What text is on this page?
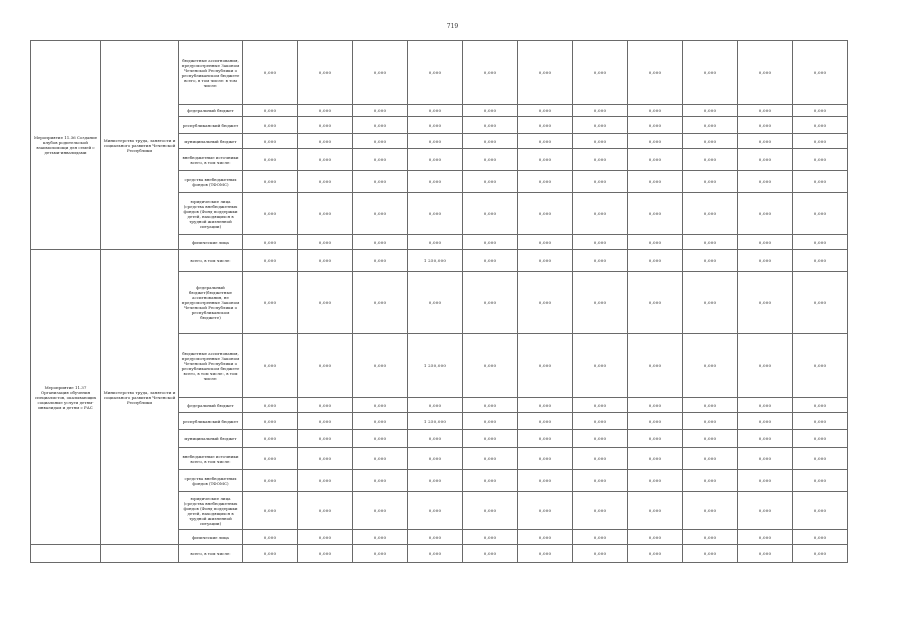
719
Мероприятие 11.36 Создание клубов родительской взаимопомощи для семей с детьми-инвалидами	Министерство труда, занятости и социального развития Чеченской Республики	бюджетные ассигнования, предусмотренные Законом Чеченской Республики о республиканском бюджете всего, в том числе: в том числе:	0,000	0,000	0,000	0,000	0,000	0,000	0,000	0,000	0,000	0,000	0,000
		федеральный бюджет	0,000	0,000	0,000	0,000	0,000	0,000	0,000	0,000	0,000	0,000	0,000
		республиканский бюджет	0,000	0,000	0,000	0,000	0,000	0,000	0,000	0,000	0,000	0,000	0,000
		муниципальный бюджет	0,000	0,000	0,000	0,000	0,000	0,000	0,000	0,000	0,000	0,000	0,000
		внебюджетные источники всего, в том числе:	0,000	0,000	0,000	0,000	0,000	0,000	0,000	0,000	0,000	0,000	0,000
		средства внебюджетных фондов (ТФОМС)	0,000	0,000	0,000	0,000	0,000	0,000	0,000	0,000	0,000	0,000	0,000
		юридические лица (средства внебюджетных фондов (Фонд поддержки детей, находящихся в трудной жизненной ситуации)	0,000	0,000	0,000	0,000	0,000	0,000	0,000	0,000	0,000	0,000	0,000
		физические лица	0,000	0,000	0,000	0,000	0,000	0,000	0,000	0,000	0,000	0,000	0,000
Мероприятие 11.37 Организация обучения специалистов, оказывающих социальные услуги детям-инвалидам и детям с РАС	Министерство труда, занятости и социального развития Чеченской Республики	всего, в том числе:	0,000	0,000	0,000	1 250,000	0,000	0,000	0,000	0,000	0,000	0,000	0,000
		федеральный бюджет(бюджетные ассигнования, не предусмотренные Законом Чеченской Республики о республиканском бюджете)	0,000	0,000	0,000	0,000	0,000	0,000	0,000	0,000	0,000	0,000	0,000
		бюджетные ассигнования, предусмотренные Законом Чеченской Республики о республиканском бюджете всего, в том числе:, в том числе:	0,000	0,000	0,000	1 250,000	0,000	0,000	0,000	0,000	0,000	0,000	0,000
		федеральный бюджет	0,000	0,000	0,000	0,000	0,000	0,000	0,000	0,000	0,000	0,000	0,000
		республиканский бюджет	0,000	0,000	0,000	1 250,000	0,000	0,000	0,000	0,000	0,000	0,000	0,000
		муниципальный бюджет	0,000	0,000	0,000	0,000	0,000	0,000	0,000	0,000	0,000	0,000	0,000
		внебюджетные источники всего, в том числе:	0,000	0,000	0,000	0,000	0,000	0,000	0,000	0,000	0,000	0,000	0,000
		средства внебюджетных фондов (ТФОМС)	0,000	0,000	0,000	0,000	0,000	0,000	0,000	0,000	0,000	0,000	0,000
		юридические лица (средства внебюджетных фондов (Фонд поддержки детей, находящихся в трудной жизненной ситуации)	0,000	0,000	0,000	0,000	0,000	0,000	0,000	0,000	0,000	0,000	0,000
		физические лица	0,000	0,000	0,000	0,000	0,000	0,000	0,000	0,000	0,000	0,000	0,000
		всего, в том числе:	0,000	0,000	0,000	0,000	0,000	0,000	0,000	0,000	0,000	0,000	0,000
